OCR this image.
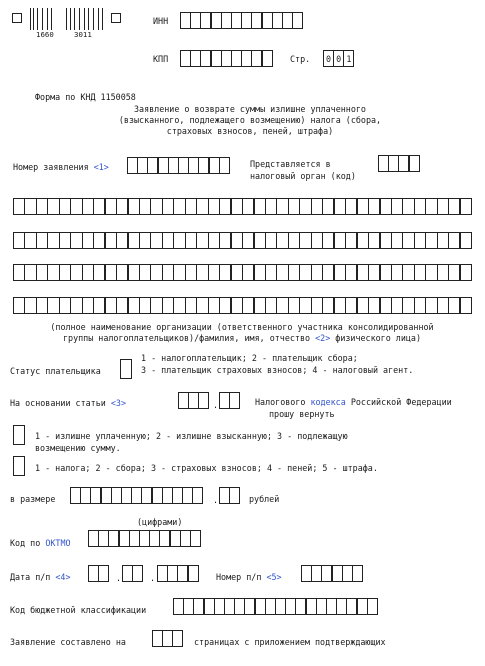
1660	3011
ИНН
КПП	Стр.	0 0 1
Форма по КНД 1150058
Заявление о возврате суммы излишне уплаченного
(взысканного, подлежащего возмещению) налога (сбора,
страховых взносов, пеней, штрафа)
Номер заявления <1>	Представляется в
налоговый орган (код)
(полное наименование организации (ответственного участника консолидированной
группы налогоплательщиков)/фамилия, имя, отчество <2> физического лица)
Статус плательщика
1 - налогоплательщик; 2 - плательщик сбора;
3 - плательщик страховых взносов; 4 - налоговый агент.
На основании статьи <3>	.	Налогового кодекса Российской Федерации
прошу вернуть
1 - излишне уплаченную; 2 - излишне взысканную; 3 - подлежащую
возмещению сумму.
1 - налога; 2 - сбора; 3 - страховых взносов; 4 - пеней; 5 - штрафа.
в размере	.	рублей
(цифрами)
Код по ОКТМО
Дата п/п <4>	.	.	Номер п/п <5>
Код бюджетной классификации
Заявление составлено на	страницах с приложением подтверждающих
